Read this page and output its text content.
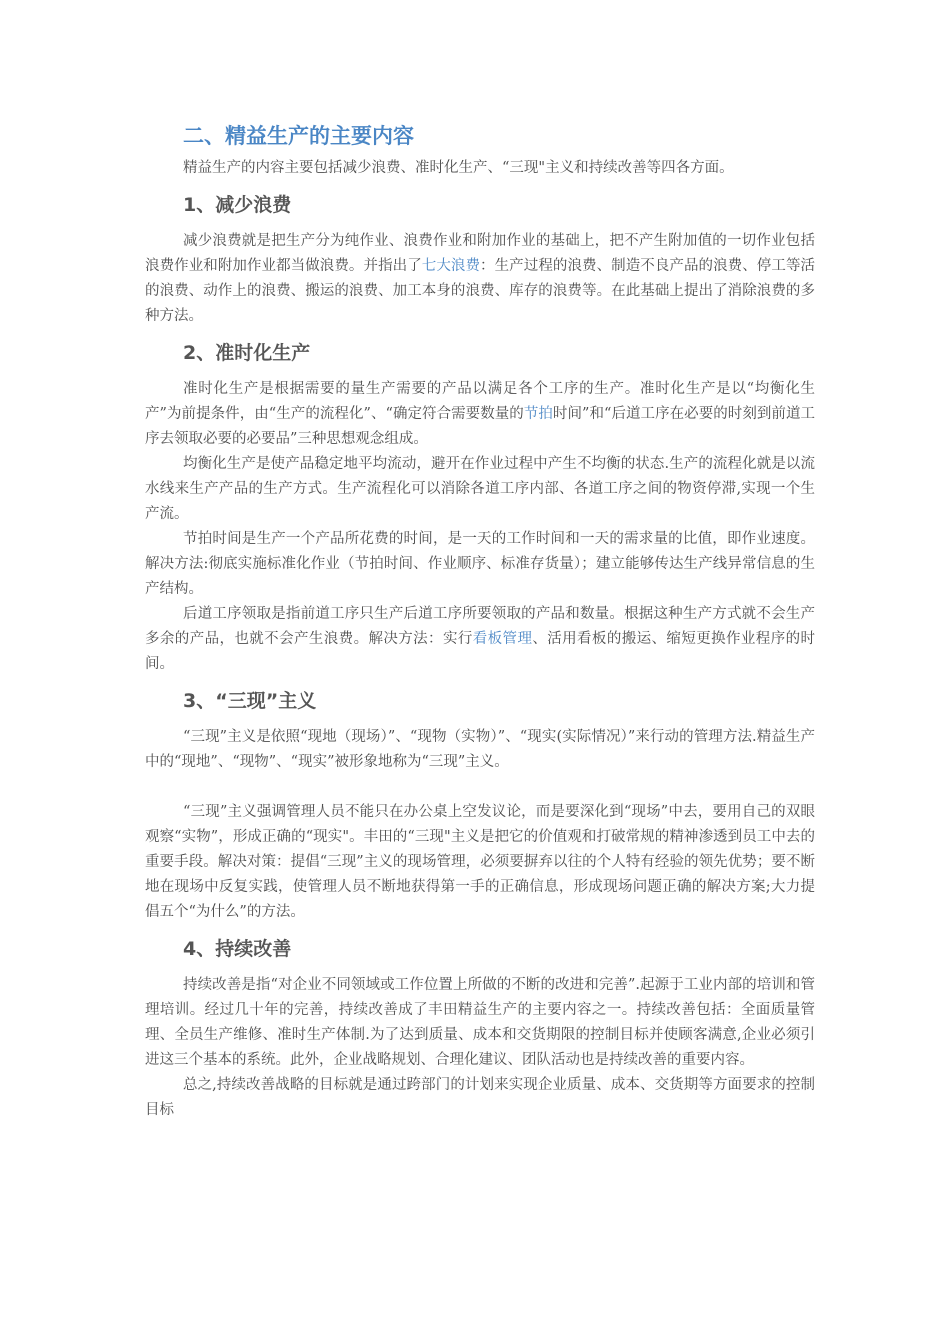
二、精益生产的主要内容

精益生产的内容主要包括减少浪费、准时化生产、“三现"主义和持续改善等四各方面。

1、减少浪费

减少浪费就是把生产分为纯作业、浪费作业和附加作业的基础上，把不产生附加值的一切作业包括浪费作业和附加作业都当做浪费。并指出了七大浪费：生产过程的浪费、制造不良产品的浪费、停工等活的浪费、动作上的浪费、搬运的浪费、加工本身的浪费、库存的浪费等。在此基础上提出了消除浪费的多种方法。

2、准时化生产

准时化生产是根据需要的量生产需要的产品以满足各个工序的生产。准时化生产是以“均衡化生产”为前提条件，由“生产的流程化”、“确定符合需要数量的节拍时间”和“后道工序在必要的时刻到前道工序去领取必要的必要品”三种思想观念组成。

均衡化生产是使产品稳定地平均流动，避开在作业过程中产生不均衡的状态.生产的流程化就是以流水线来生产产品的生产方式。生产流程化可以消除各道工序内部、各道工序之间的物资停滞,实现一个生产流。

节拍时间是生产一个产品所花费的时间，是一天的工作时间和一天的需求量的比值，即作业速度。解决方法:彻底实施标准化作业（节拍时间、作业顺序、标准存货量）；建立能够传达生产线异常信息的生产结构。

后道工序领取是指前道工序只生产后道工序所要领取的产品和数量。根据这种生产方式就不会生产多余的产品，也就不会产生浪费。解决方法：实行看板管理、活用看板的搬运、缩短更换作业程序的时间。

3、“三现”主义

“三现”主义是依照“现地（现场）”、“现物（实物）”、“现实(实际情况）”来行动的管理方法.精益生产中的“现地”、“现物”、“现实”被形象地称为“三现”主义。

“三现”主义强调管理人员不能只在办公桌上空发议论，而是要深化到“现场”中去，要用自己的双眼观察“实物”，形成正确的“现实"。丰田的“三现"主义是把它的价值观和打破常规的精神渗透到员工中去的重要手段。解决对策：提倡“三现”主义的现场管理，必须要摒弃以往的个人特有经验的领先优势；要不断地在现场中反复实践，使管理人员不断地获得第一手的正确信息，形成现场问题正确的解决方案;大力提倡五个“为什么”的方法。

4、持续改善

持续改善是指“对企业不同领域或工作位置上所做的不断的改进和完善”.起源于工业内部的培训和管理培训。经过几十年的完善，持续改善成了丰田精益生产的主要内容之一。持续改善包括：全面质量管理、全员生产维修、准时生产体制.为了达到质量、成本和交货期限的控制目标并使顾客满意,企业必须引进这三个基本的系统。此外，企业战略规划、合理化建议、团队活动也是持续改善的重要内容。

总之,持续改善战略的目标就是通过跨部门的计划来实现企业质量、成本、交货期等方面要求的控制目标
